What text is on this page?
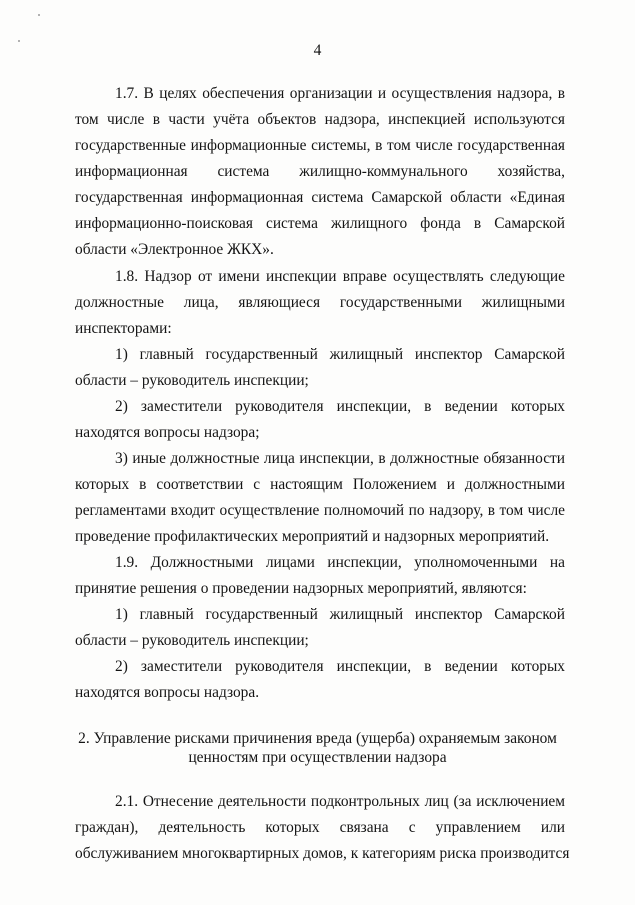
4
1.7. В целях обеспечения организации и осуществления надзора, в
том числе в части учёта объектов надзора, инспекцией используются
государственные информационные системы, в том числе государственная
информационная система жилищно-коммунального хозяйства,
государственная информационная система Самарской области «Единая
информационно-поисковая система жилищного фонда в Самарской
области «Электронное ЖКХ».
1.8. Надзор от имени инспекции вправе осуществлять следующие
должностные лица, являющиеся государственными жилищными
инспекторами:
1) главный государственный жилищный инспектор Самарской
области – руководитель инспекции;
2) заместители руководителя инспекции, в ведении которых
находятся вопросы надзора;
3) иные должностные лица инспекции, в должностные обязанности
которых в соответствии с настоящим Положением и должностными
регламентами входит осуществление полномочий по надзору, в том числе
проведение профилактических мероприятий и надзорных мероприятий.
1.9. Должностными лицами инспекции, уполномоченными на
принятие решения о проведении надзорных мероприятий, являются:
1) главный государственный жилищный инспектор Самарской
области – руководитель инспекции;
2) заместители руководителя инспекции, в ведении которых
находятся вопросы надзора.
2. Управление рисками причинения вреда (ущерба) охраняемым законом
ценностям при осуществлении надзора
2.1. Отнесение деятельности подконтрольных лиц (за исключением
граждан), деятельность которых связана с управлением или
обслуживанием многоквартирных домов, к категориям риска производится
